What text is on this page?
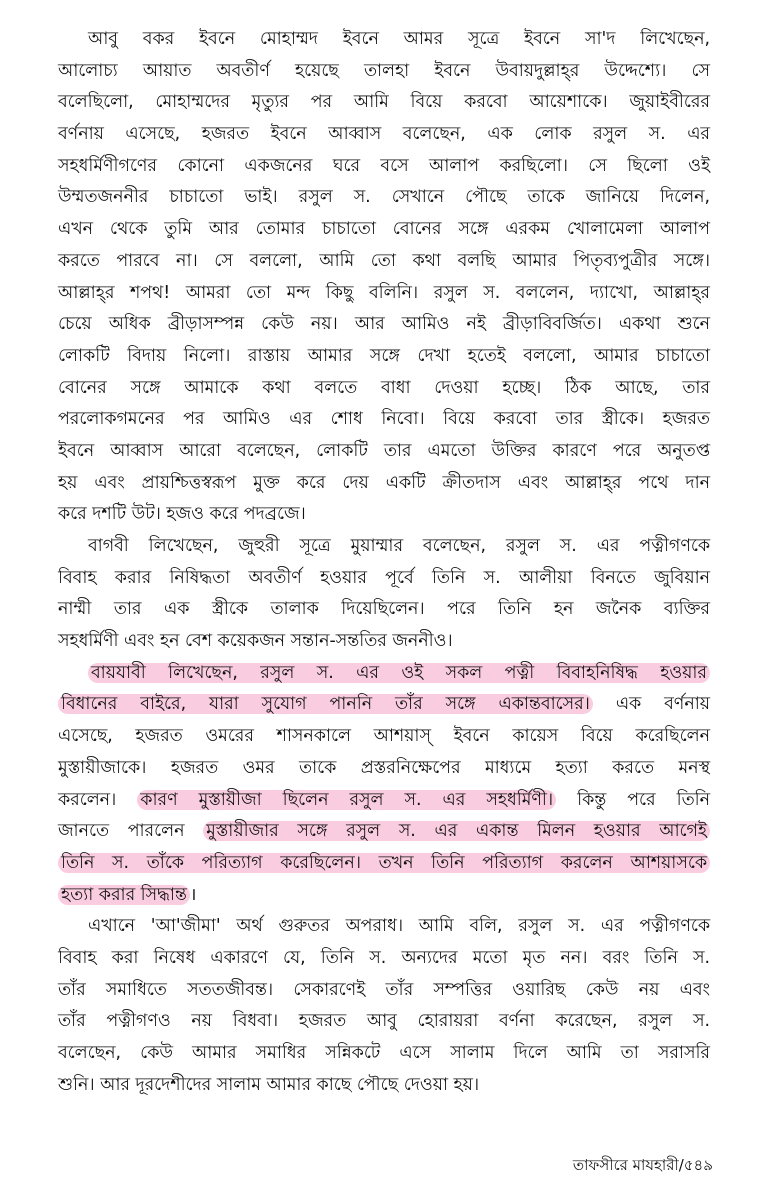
আবু বকর ইবনে মোহাম্মদ ইবনে আমর সূত্রে ইবনে সা'দ লিখেছেন,
আলোচ্য আয়াত অবতীর্ণ হয়েছে তালহা ইবনে উবায়দুল্লাহ্‌র উদ্দেশ্যে। সে
বলেছিলো, মোহাম্মদের মৃত্যুর পর আমি বিয়ে করবো আয়েশাকে। জুয়াইবীরের
বর্ণনায় এসেছে, হজরত ইবনে আব্বাস বলেছেন, এক লোক রসুল স. এর
সহধর্মিণীগণের কোনো একজনের ঘরে বসে আলাপ করছিলো। সে ছিলো ওই
উম্মতজননীর চাচাতো ভাই। রসুল স. সেখানে পৌছে তাকে জানিয়ে দিলেন,
এখন থেকে তুমি আর তোমার চাচাতো বোনের সঙ্গে এরকম খোলামেলা আলাপ
করতে পারবে না। সে বললো, আমি তো কথা বলছি আমার পিতৃব্যপুত্রীর সঙ্গে।
আল্লাহ্‌র শপথ! আমরা তো মন্দ কিছু বলিনি। রসুল স. বললেন, দ্যাখো, আল্লাহ্‌র
চেয়ে অধিক ব্রীড়াসম্পন্ন কেউ নয়। আর আমিও নই ব্রীড়াবিবর্জিত। একথা শুনে
লোকটি বিদায় নিলো। রাস্তায় আমার সঙ্গে দেখা হতেই বললো, আমার চাচাতো
বোনের সঙ্গে আমাকে কথা বলতে বাধা দেওয়া হচ্ছে। ঠিক আছে, তার
পরলোকগমনের পর আমিও এর শোধ নিবো। বিয়ে করবো তার স্ত্রীকে। হজরত
ইবনে আব্বাস আরো বলেছেন, লোকটি তার এমতো উক্তির কারণে পরে অনুতপ্ত
হয় এবং প্রায়শ্চিত্তস্বরূপ মুক্ত করে দেয় একটি ক্রীতদাস এবং আল্লাহ্‌র পথে দান
করে দশটি উট। হজও করে পদব্রজে।
বাগবী লিখেছেন, জুহুরী সূত্রে মুয়াম্মার বলেছেন, রসুল স. এর পত্নীগণকে
বিবাহ করার নিষিদ্ধতা অবতীর্ণ হওয়ার পূর্বে তিনি স. আলীয়া বিনতে জুবিয়ান
নাম্মী তার এক স্ত্রীকে তালাক দিয়েছিলেন। পরে তিনি হন জনৈক ব্যক্তির
সহধর্মিণী এবং হন বেশ কয়েকজন সন্তান-সন্ততির জননীও।
বায়যাবী লিখেছেন, রসুল স. এর ওই সকল পত্নী বিবাহনিষিদ্ধ হওয়ার
বিধানের বাইরে, যারা সুযোগ পাননি তাঁর সঙ্গে একান্তবাসের। এক বর্ণনায়
এসেছে, হজরত ওমরের শাসনকালে আশয়াস্‌ ইবনে কায়েস বিয়ে করেছিলেন
মুস্তায়ীজাকে। হজরত ওমর তাকে প্রস্তরনিক্ষেপের মাধ্যমে হত্যা করতে মনস্থ
করলেন। কারণ মুস্তায়ীজা ছিলেন রসুল স. এর সহধর্মিণী। কিন্তু পরে তিনি
জানতে পারলেন মুস্তায়ীজার সঙ্গে রসুল স. এর একান্ত মিলন হওয়ার আগেই
তিনি স. তাঁকে পরিত্যাগ করেছিলেন। তখন তিনি পরিত্যাগ করলেন আশয়াসকে
হত্যা করার সিদ্ধান্ত ।
এখানে 'আ'জীমা' অর্থ গুরুতর অপরাধ। আমি বলি, রসুল স. এর পত্নীগণকে
বিবাহ করা নিষেধ একারণে যে, তিনি স. অন্যদের মতো মৃত নন। বরং তিনি স.
তাঁর সমাধিতে সততজীবন্ত। সেকারণেই তাঁর সম্পত্তির ওয়ারিছ কেউ নয় এবং
তাঁর পত্নীগণও নয় বিধবা। হজরত আবু হোরায়রা বর্ণনা করেছেন, রসুল স.
বলেছেন, কেউ আমার সমাধির সন্নিকটে এসে সালাম দিলে আমি তা সরাসরি
শুনি। আর দূরদেশীদের সালাম আমার কাছে পৌছে দেওয়া হয়।
তাফসীরে মাযহারী/৫৪৯
